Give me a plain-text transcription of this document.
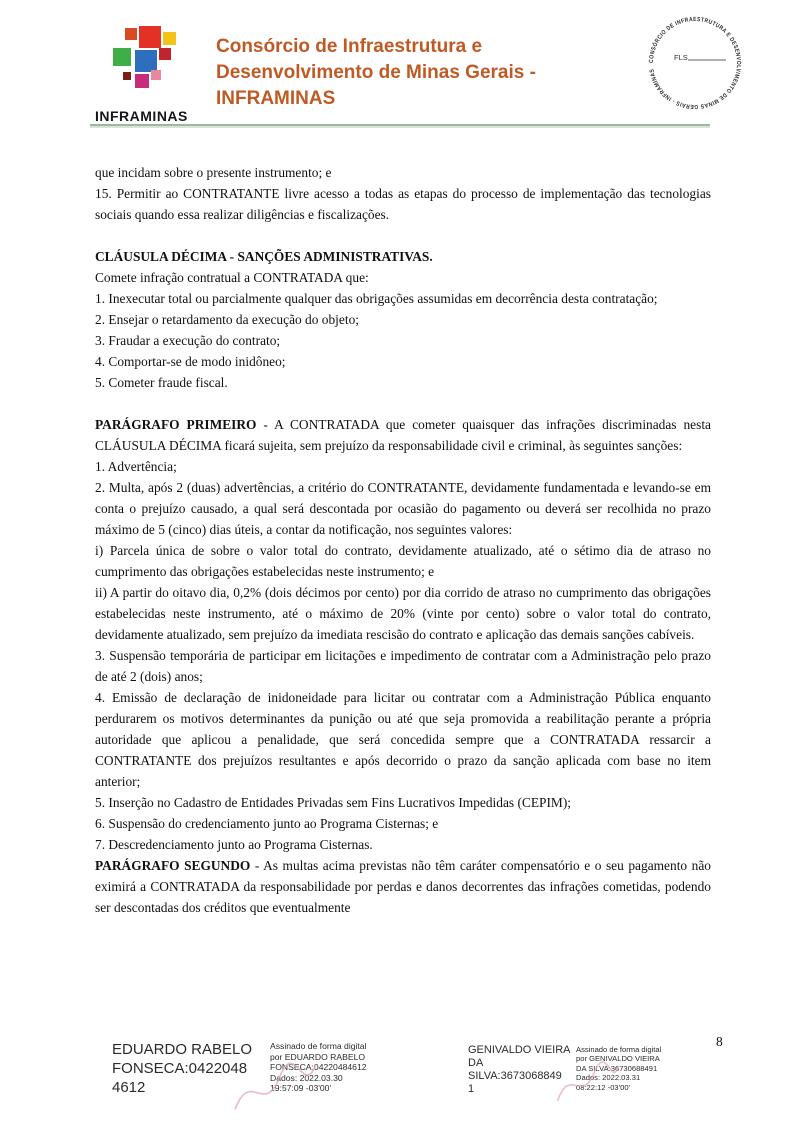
INFRAMINAS
Consórcio de Infraestrutura e
Desenvolvimento de Minas Gerais -
INFRAMINAS
CONSÓRCIO DE INFRAESTRUTURA E DESENVOLVIMENTO DE MINAS GERAIS - INFRAMINAS
FLS

que incidam sobre o presente instrumento; e

15. Permitir ao CONTRATANTE livre acesso a todas as etapas do processo de implementação das tecnologias sociais quando essa realizar diligências e fiscalizações.

CLÁUSULA DÉCIMA - SANÇÕES ADMINISTRATIVAS.

Comete infração contratual a CONTRATADA que:

1. Inexecutar total ou parcialmente qualquer das obrigações assumidas em decorrência desta contratação;

2. Ensejar o retardamento da execução do objeto;

3. Fraudar a execução do contrato;

4. Comportar-se de modo inidôneo;

5. Cometer fraude fiscal.

PARÁGRAFO PRIMEIRO - A CONTRATADA que cometer quaisquer das infrações discriminadas nesta CLÁUSULA DÉCIMA ficará sujeita, sem prejuízo da responsabilidade civil e criminal, às seguintes sanções:

1. Advertência;

2. Multa, após 2 (duas) advertências, a critério do CONTRATANTE, devidamente fundamentada e levando-se em conta o prejuízo causado, a qual será descontada por ocasião do pagamento ou deverá ser recolhida no prazo máximo de 5 (cinco) dias úteis, a contar da notificação, nos seguintes valores:

i) Parcela única de sobre o valor total do contrato, devidamente atualizado, até o sétimo dia de atraso no cumprimento das obrigações estabelecidas neste instrumento; e

ii) A partir do oitavo dia, 0,2% (dois décimos por cento) por dia corrido de atraso no cumprimento das obrigações estabelecidas neste instrumento, até o máximo de 20% (vinte por cento) sobre o valor total do contrato, devidamente atualizado, sem prejuízo da imediata rescisão do contrato e aplicação das demais sanções cabíveis.

3. Suspensão temporária de participar em licitações e impedimento de contratar com a Administração pelo prazo de até 2 (dois) anos;

4. Emissão de declaração de inidoneidade para licitar ou contratar com a Administração Pública enquanto perdurarem os motivos determinantes da punição ou até que seja promovida a reabilitação perante a própria autoridade que aplicou a penalidade, que será concedida sempre que a CONTRATADA ressarcir a CONTRATANTE dos prejuízos resultantes e após decorrido o prazo da sanção aplicada com base no item anterior;

5. Inserção no Cadastro de Entidades Privadas sem Fins Lucrativos Impedidas (CEPIM);

6. Suspensão do credenciamento junto ao Programa Cisternas; e

7. Descredenciamento junto ao Programa Cisternas.

PARÁGRAFO SEGUNDO - As multas acima previstas não têm caráter compensatório e o seu pagamento não eximirá a CONTRATADA da responsabilidade por perdas e danos decorrentes das infrações cometidas, podendo ser descontadas dos créditos que eventualmente

EDUARDO RABELO
FONSECA:0422048
4612
Assinado de forma digital
por EDUARDO RABELO
FONSECA:04220484612
Dados: 2022.03.30
19:57:09 -03'00'
GENIVALDO VIEIRA
DA
SILVA:3673068849
1
Assinado de forma digital
por GENIVALDO VIEIRA
DA SILVA:36730688491
Dados: 2022.03.31
08:22:12 -03'00'
8
